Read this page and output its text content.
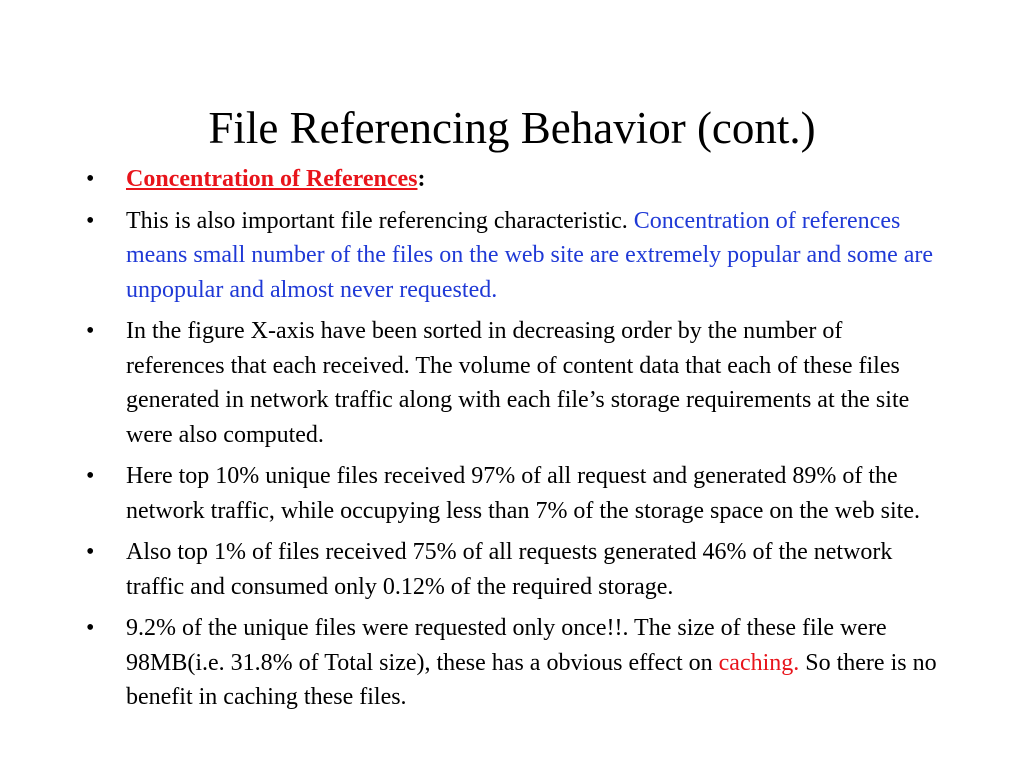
File Referencing Behavior (cont.)
•	Concentration of References:
•	This is also important file referencing characteristic. Concentration of references means small number of the files on the web site are extremely popular and some are unpopular and almost never requested.
•	In the figure X-axis have been sorted in decreasing order by the number of references that each received. The volume of content data that each of these files generated in network traffic along with each file’s storage requirements at the site were also computed.
•	Here top 10% unique files received 97% of all request and generated 89% of the network traffic, while occupying less than 7% of the storage space on the web site.
•	Also top 1% of files received 75% of all requests generated 46% of the network traffic and consumed only 0.12% of the required storage.
•	9.2% of the unique files were requested only once!!. The size of these file were 98MB(i.e. 31.8% of Total size), these has a obvious effect on caching. So there is no benefit in caching these files.
